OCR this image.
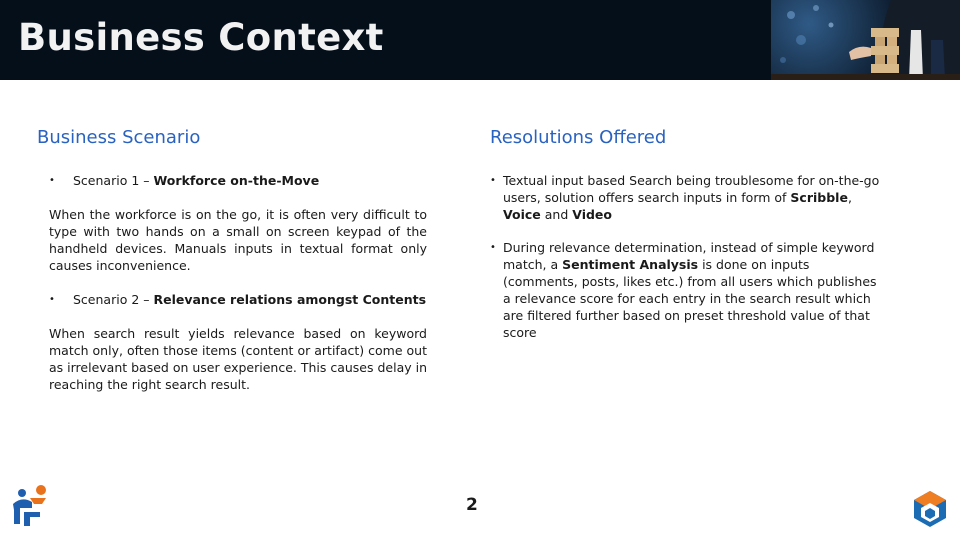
Business Context
Business Scenario	Resolutions Offered
• Scenario 1 – Workforce on-the-Move
When the workforce is on the go, it is often very difficult to type with two hands on a small on screen keypad of the handheld devices. Manuals inputs in textual format only causes inconvenience.
• Scenario 2 – Relevance relations amongst Contents
When search result yields relevance based on keyword match only, often those items (content or artifact) come out as irrelevant based on user experience. This causes delay in reaching the right search result.
• Textual input based Search being troublesome for on-the-go users, solution offers search inputs in form of Scribble, Voice and Video
• During relevance determination, instead of simple keyword match, a Sentiment Analysis is done on inputs (comments, posts, likes etc.) from all users which publishes a relevance score for each entry in the search result which are filtered further based on preset threshold value of that score
2
